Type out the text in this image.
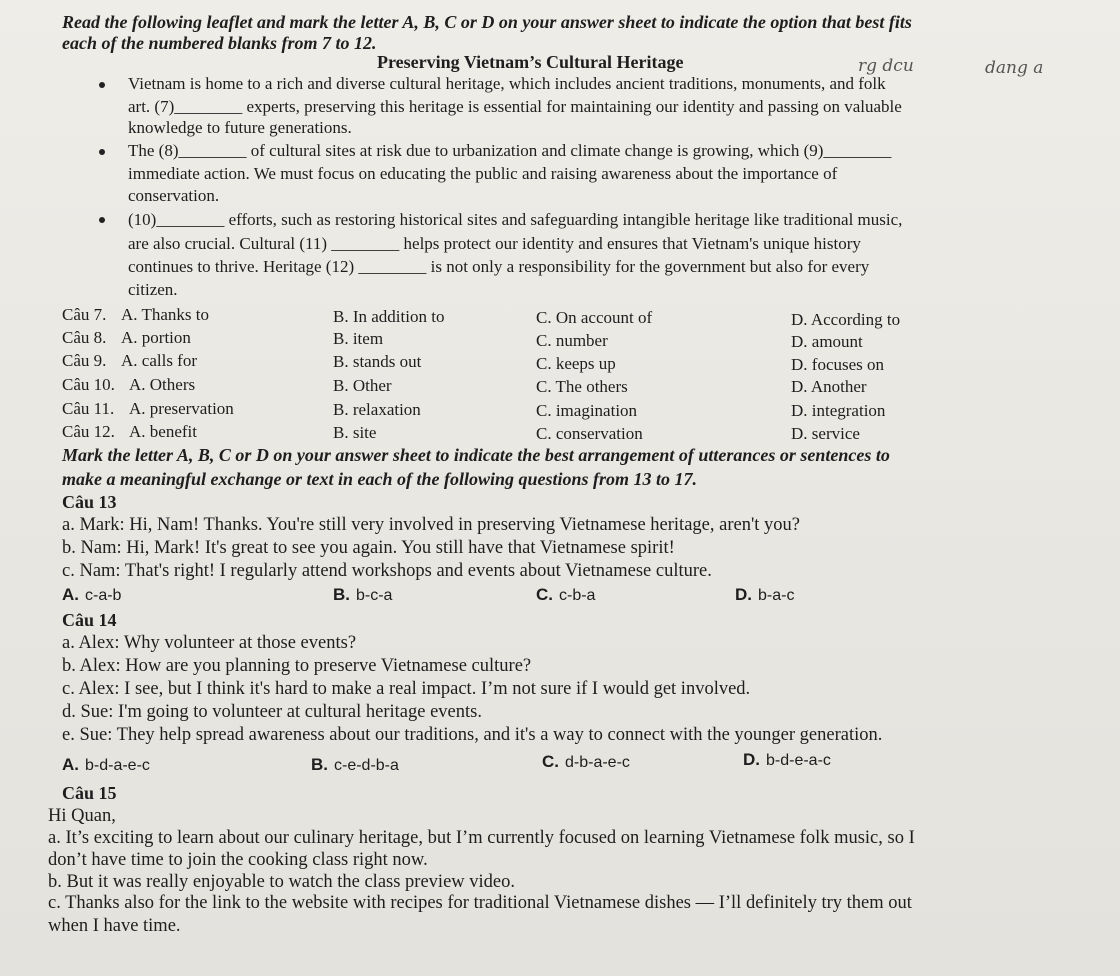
Read the following leaflet and mark the letter A, B, C or D on your answer sheet to indicate the option that best fits
each of the numbered blanks from 7 to 12.
Preserving Vietnam’s Cultural Heritage	rg dcu	dang a
Vietnam is home to a rich and diverse cultural heritage, which includes ancient traditions, monuments, and folk
art. (7)________ experts, preserving this heritage is essential for maintaining our identity and passing on valuable
knowledge to future generations.
The (8)________ of cultural sites at risk due to urbanization and climate change is growing, which (9)________
immediate action. We must focus on educating the public and raising awareness about the importance of
conservation.
(10)________ efforts, such as restoring historical sites and safeguarding intangible heritage like traditional music,
are also crucial. Cultural (11) ________ helps protect our identity and ensures that Vietnam's unique history
continues to thrive. Heritage (12) ________ is not only a responsibility for the government but also for every
citizen.
Câu 7. A. Thanks to	B. In addition to	C. On account of	D. According to
Câu 8. A. portion	B. item	C. number	D. amount
Câu 9. A. calls for	B. stands out	C. keeps up	D. focuses on
Câu 10. A. Others	B. Other	C. The others	D. Another
Câu 11. A. preservation	B. relaxation	C. imagination	D. integration
Câu 12. A. benefit	B. site	C. conservation	D. service
Mark the letter A, B, C or D on your answer sheet to indicate the best arrangement of utterances or sentences to
make a meaningful exchange or text in each of the following questions from 13 to 17.
Câu 13
a. Mark: Hi, Nam! Thanks. You're still very involved in preserving Vietnamese heritage, aren't you?
b. Nam: Hi, Mark! It's great to see you again. You still have that Vietnamese spirit!
c. Nam: That's right! I regularly attend workshops and events about Vietnamese culture.
A. c-a-b	B. b-c-a	C. c-b-a	D. b-a-c
Câu 14
a. Alex: Why volunteer at those events?
b. Alex: How are you planning to preserve Vietnamese culture?
c. Alex: I see, but I think it's hard to make a real impact. I’m not sure if I would get involved.
d. Sue: I'm going to volunteer at cultural heritage events.
e. Sue: They help spread awareness about our traditions, and it's a way to connect with the younger generation.
A. b-d-a-e-c	B. c-e-d-b-a	C. d-b-a-e-c	D. b-d-e-a-c
Câu 15
Hi Quan,
a. It’s exciting to learn about our culinary heritage, but I’m currently focused on learning Vietnamese folk music, so I
don’t have time to join the cooking class right now.
b. But it was really enjoyable to watch the class preview video.
c. Thanks also for the link to the website with recipes for traditional Vietnamese dishes — I’ll definitely try them out
when I have time.
